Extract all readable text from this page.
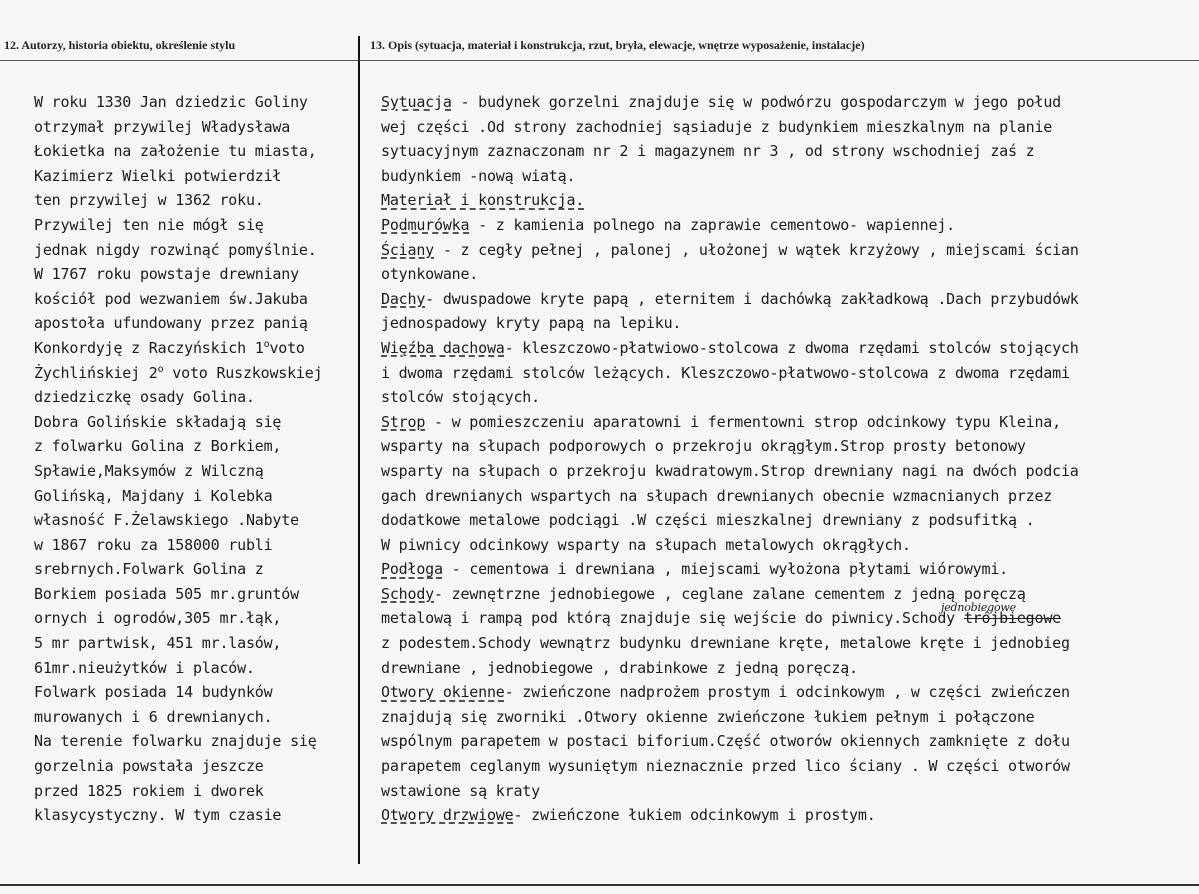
12. Autorzy, historia obiektu, określenie stylu	13. Opis (sytuacja, materiał i konstrukcja, rzut, bryła, elewacje, wnętrze wyposażenie, instalacje)
W roku 1330 Jan dziedzic Goliny
otrzymał przywilej Władysława
Łokietka na założenie tu miasta,
Kazimierz Wielki potwierdził
ten przywilej w 1362 roku.
Przywilej ten nie mógł się
jednak nigdy rozwinąć pomyślnie.
W 1767 roku powstaje drewniany
kościół pod wezwaniem św.Jakuba
apostoła ufundowany przez panią
Konkordyję z Raczyńskich 1$^o$voto
Żychlińskiej 2$^o$ voto Ruszkowskiej
dziedziczkę osady Golina.
Dobra Golińskie składają się
z folwarku Golina z Borkiem,
Spławie,Maksymów z Wilczną
Golińską, Majdany i Kolebka
własność F.Żelawskiego .Nabyte
w 1867 roku za 158000 rubli
srebrnych.Folwark Golina z
Borkiem posiada 505 mr.gruntów
ornych i ogrodów,305 mr.łąk,
5 mr partwisk, 451 mr.lasów,
61mr.nieużytków i placów.
Folwark posiada 14 budynków
murowanych i 6 drewnianych.
Na terenie folwarku znajduje się
gorzelnia powstała jeszcze
przed 1825 rokiem i dworek
klasycystyczny. W tym czasie
Sytuacja - budynek gorzelni znajduje się w podwórzu gospodarczym w jego połud
wej części .Od strony zachodniej sąsiaduje z budynkiem mieszkalnym na planie
sytuacyjnym zaznaczonam nr 2 i magazynem nr 3 , od strony wschodniej zaś z
budynkiem -nową wiatą.
Materiał i konstrukcja.
Podmurówka - z kamienia polnego na zaprawie cementowo- wapiennej.
Ściany - z cegły pełnej , palonej , ułożonej w wątek krzyżowy , miejscami ścian
otynkowane.
Dachy- dwuspadowe kryte papą , eternitem i dachówką zakładkową .Dach przybudówk
jednospadowy kryty papą na lepiku.
Więźba dachowa- kleszczowo-płatwiowo-stolcowa z dwoma rzędami stolców stojących
i dwoma rzędami stolców leżących. Kleszczowo-płatwowo-stolcowa z dwoma rzędami
stolców stojących.
Strop - w pomieszczeniu aparatowni i fermentowni strop odcinkowy typu Kleina,
wsparty na słupach podporowych o przekroju okrągłym.Strop prosty betonowy
wsparty na słupach o przekroju kwadratowym.Strop drewniany nagi na dwóch podcia
gach drewnianych wspartych na słupach drewnianych obecnie wzmacnianych przez
dodatkowe metalowe podciągi .W części mieszkalnej drewniany z podsufitką .
W piwnicy odcinkowy wsparty na słupach metalowych okrągłych.
Podłoga - cementowa i drewniana , miejscami wyłożona płytami wiórowymi.
Schody- zewnętrzne jednobiegowe , ceglane zalane cementem z jedną poręczą
metalową i rampą pod którą znajduje się wejście do piwnicy.Schody trójbiegowejednobiegowe
z podestem.Schody wewnątrz budynku drewniane kręte, metalowe kręte i jednobieg
drewniane , jednobiegowe , drabinkowe z jedną poręczą.
Otwory okienne- zwieńczone nadprożem prostym i odcinkowym , w części zwieńczen
znajdują się zworniki .Otwory okienne zwieńczone łukiem pełnym i połączone
wspólnym parapetem w postaci biforium.Część otworów okiennych zamknięte z dołu
parapetem ceglanym wysuniętym nieznacznie przed lico ściany . W części otworów
wstawione są kraty
Otwory drzwiowe- zwieńczone łukiem odcinkowym i prostym.
